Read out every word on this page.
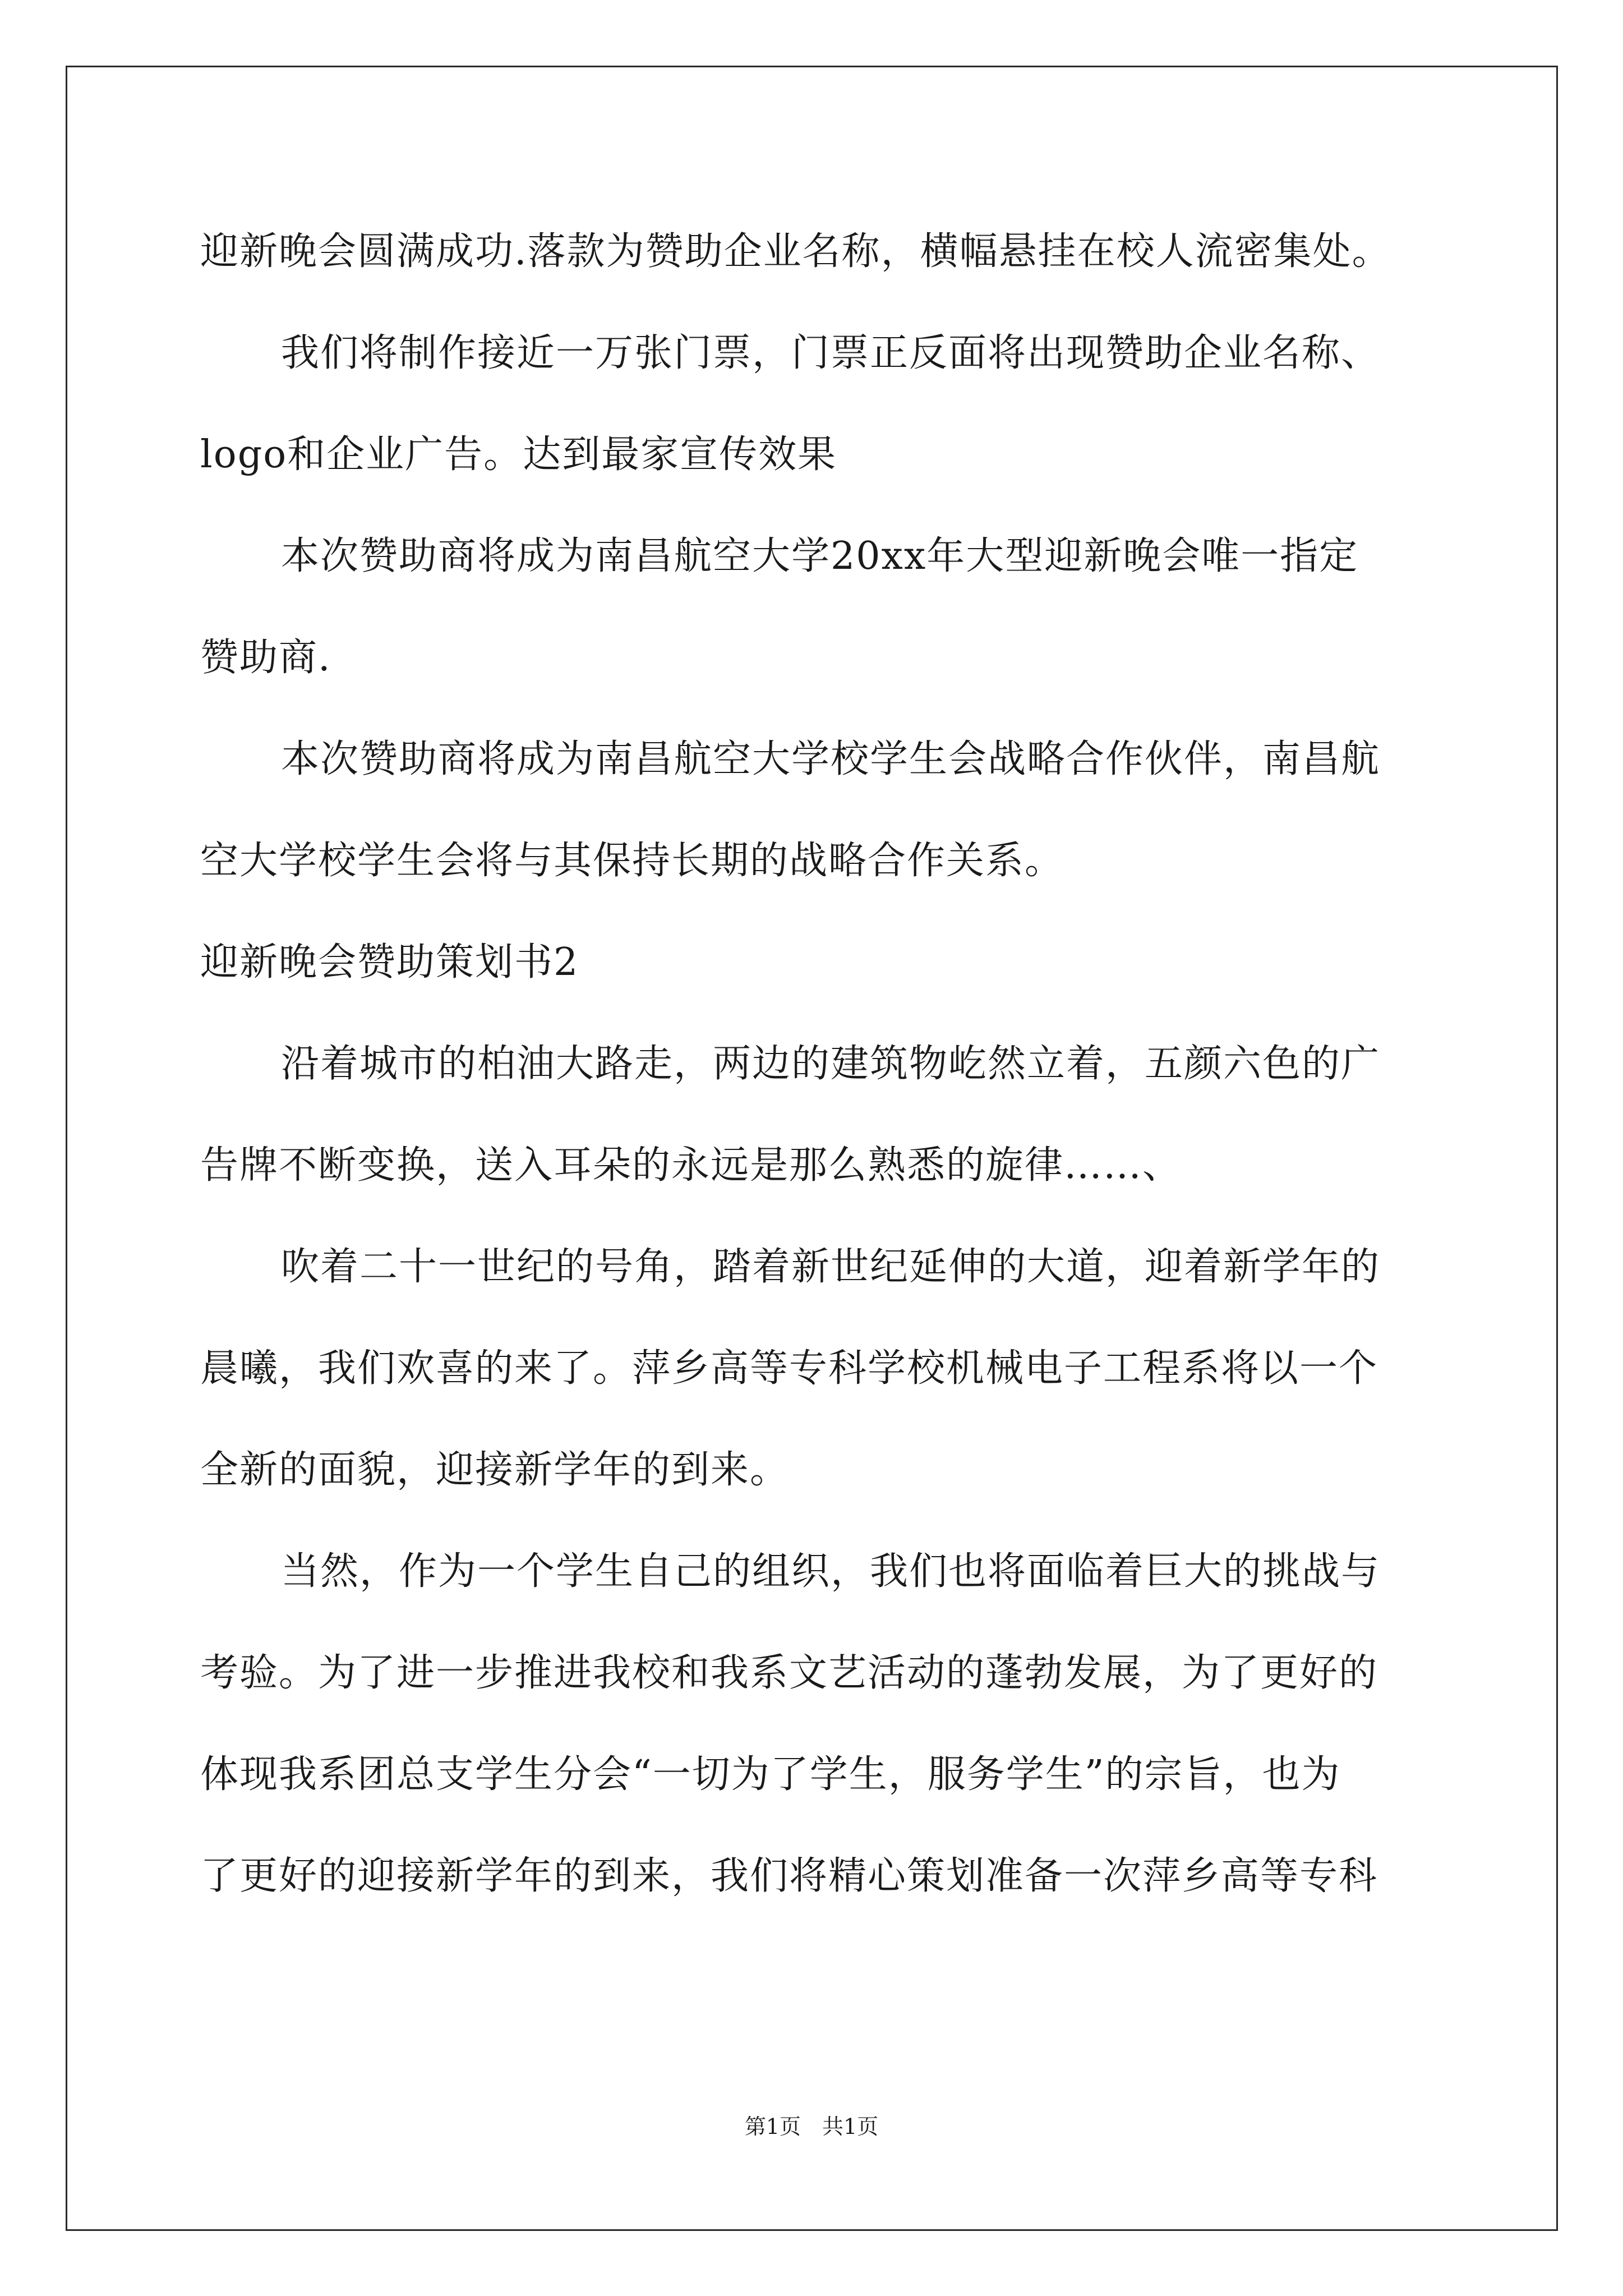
迎新晚会圆满成功.落款为赞助企业名称，横幅悬挂在校人流密集处。
我们将制作接近一万张门票，门票正反面将出现赞助企业名称、
logo和企业广告。达到最家宣传效果
本次赞助商将成为南昌航空大学20xx年大型迎新晚会唯一指定
赞助商.
本次赞助商将成为南昌航空大学校学生会战略合作伙伴，南昌航
空大学校学生会将与其保持长期的战略合作关系。
迎新晚会赞助策划书2
沿着城市的柏油大路走，两边的建筑物屹然立着，五颜六色的广
告牌不断变换，送入耳朵的永远是那么熟悉的旋律……、
吹着二十一世纪的号角，踏着新世纪延伸的大道，迎着新学年的
晨曦，我们欢喜的来了。萍乡高等专科学校机械电子工程系将以一个
全新的面貌，迎接新学年的到来。
当然，作为一个学生自己的组织，我们也将面临着巨大的挑战与
考验。为了进一步推进我校和我系文艺活动的蓬勃发展，为了更好的
体现我系团总支学生分会“一切为了学生，服务学生”的宗旨，也为
了更好的迎接新学年的到来，我们将精心策划准备一次萍乡高等专科
第1页　共1页
